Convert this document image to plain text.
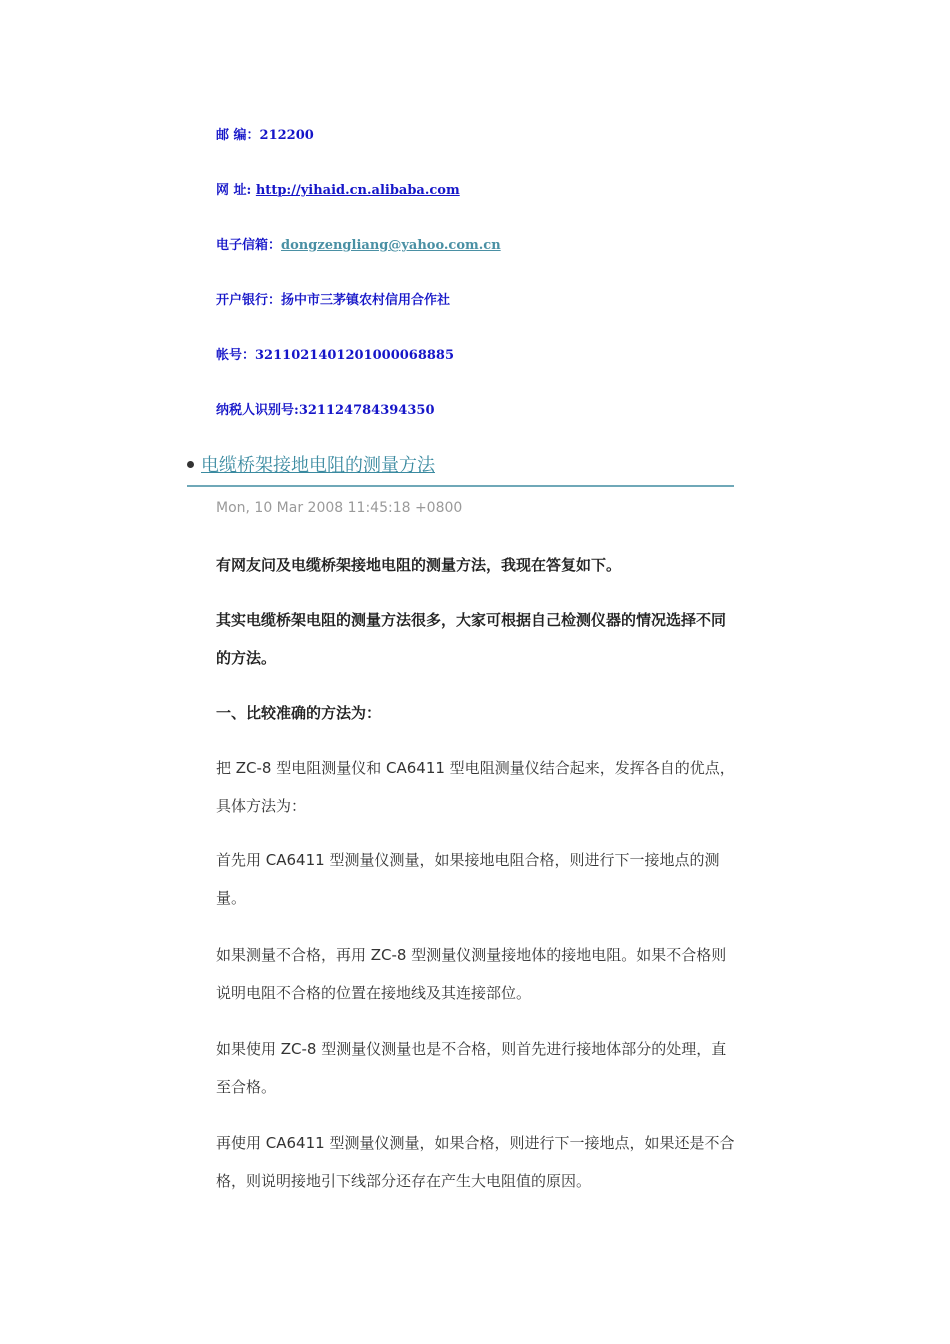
邮 编：212200
网 址: http://yihaid.cn.alibaba.com
电子信箱：dongzengliang@yahoo.com.cn
开户银行：扬中市三茅镇农村信用合作社
帐号：3211021401201000068885
纳税人识别号:321124784394350
电缆桥架接地电阻的测量方法
Mon, 10 Mar 2008 11:45:18 +0800
有网友问及电缆桥架接地电阻的测量方法，我现在答复如下。
其实电缆桥架电阻的测量方法很多，大家可根据自己检测仪器的情况选择不同的方法。
一、比较准确的方法为：
把 ZC-8 型电阻测量仪和 CA6411 型电阻测量仪结合起来，发挥各自的优点，具体方法为：
首先用 CA6411 型测量仪测量，如果接地电阻合格，则进行下一接地点的测量。
如果测量不合格，再用 ZC-8 型测量仪测量接地体的接地电阻。如果不合格则说明电阻不合格的位置在接地线及其连接部位。
如果使用 ZC-8 型测量仪测量也是不合格，则首先进行接地体部分的处理，直至合格。
再使用 CA6411 型测量仪测量，如果合格，则进行下一接地点，如果还是不合格，则说明接地引下线部分还存在产生大电阻值的原因。
